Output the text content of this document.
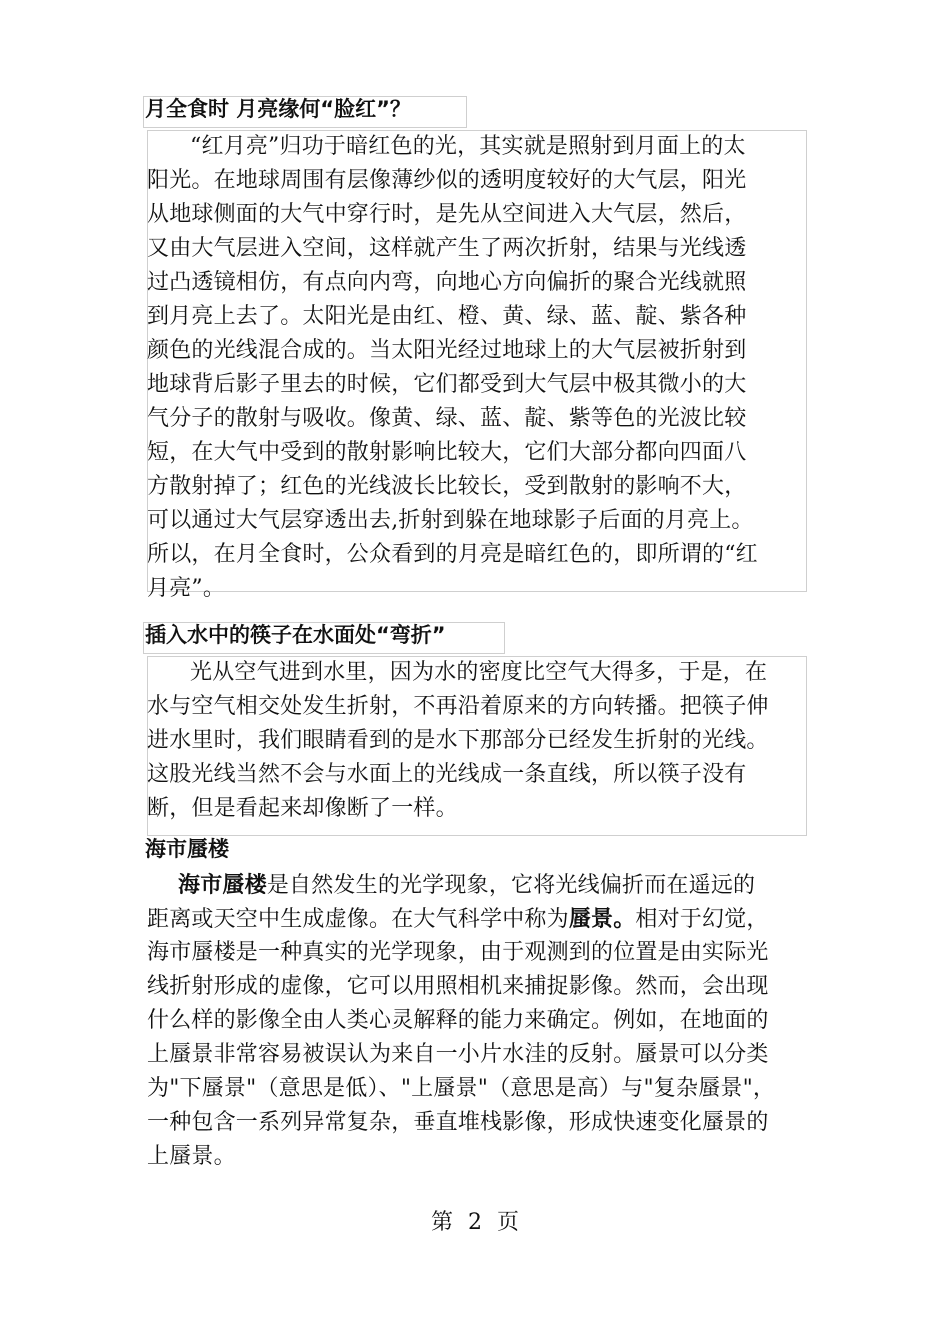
月全食时 月亮缘何“脸红”？
“红月亮”归功于暗红色的光，其实就是照射到月面上的太
阳光。在地球周围有层像薄纱似的透明度较好的大气层，阳光
从地球侧面的大气中穿行时，是先从空间进入大气层，然后，
又由大气层进入空间，这样就产生了两次折射，结果与光线透
过凸透镜相仿，有点向内弯，向地心方向偏折的聚合光线就照
到月亮上去了。太阳光是由红、橙、黄、绿、蓝、靛、紫各种
颜色的光线混合成的。当太阳光经过地球上的大气层被折射到
地球背后影子里去的时候，它们都受到大气层中极其微小的大
气分子的散射与吸收。像黄、绿、蓝、靛、紫等色的光波比较
短，在大气中受到的散射影响比较大，它们大部分都向四面八
方散射掉了；红色的光线波长比较长，受到散射的影响不大，
可以通过大气层穿透出去,折射到躲在地球影子后面的月亮上。
所以，在月全食时，公众看到的月亮是暗红色的，即所谓的“红
月亮”。
插入水中的筷子在水面处“弯折”
光从空气进到水里，因为水的密度比空气大得多，于是，在
水与空气相交处发生折射，不再沿着原来的方向转播。把筷子伸
进水里时，我们眼睛看到的是水下那部分已经发生折射的光线。
这股光线当然不会与水面上的光线成一条直线，所以筷子没有
断，但是看起来却像断了一样。
海市蜃楼
海市蜃楼是自然发生的光学现象，它将光线偏折而在遥远的
距离或天空中生成虚像。在大气科学中称为蜃景。相对于幻觉，
海市蜃楼是一种真实的光学现象，由于观测到的位置是由实际光
线折射形成的虚像，它可以用照相机来捕捉影像。然而，会出现
什么样的影像全由人类心灵解释的能力来确定。例如，在地面的
上蜃景非常容易被误认为来自一小片水洼的反射。蜃景可以分类
为"下蜃景"（意思是低）、"上蜃景"（意思是高）与"复杂蜃景"，
一种包含一系列异常复杂，垂直堆栈影像，形成快速变化蜃景的
上蜃景。
第 2 页
